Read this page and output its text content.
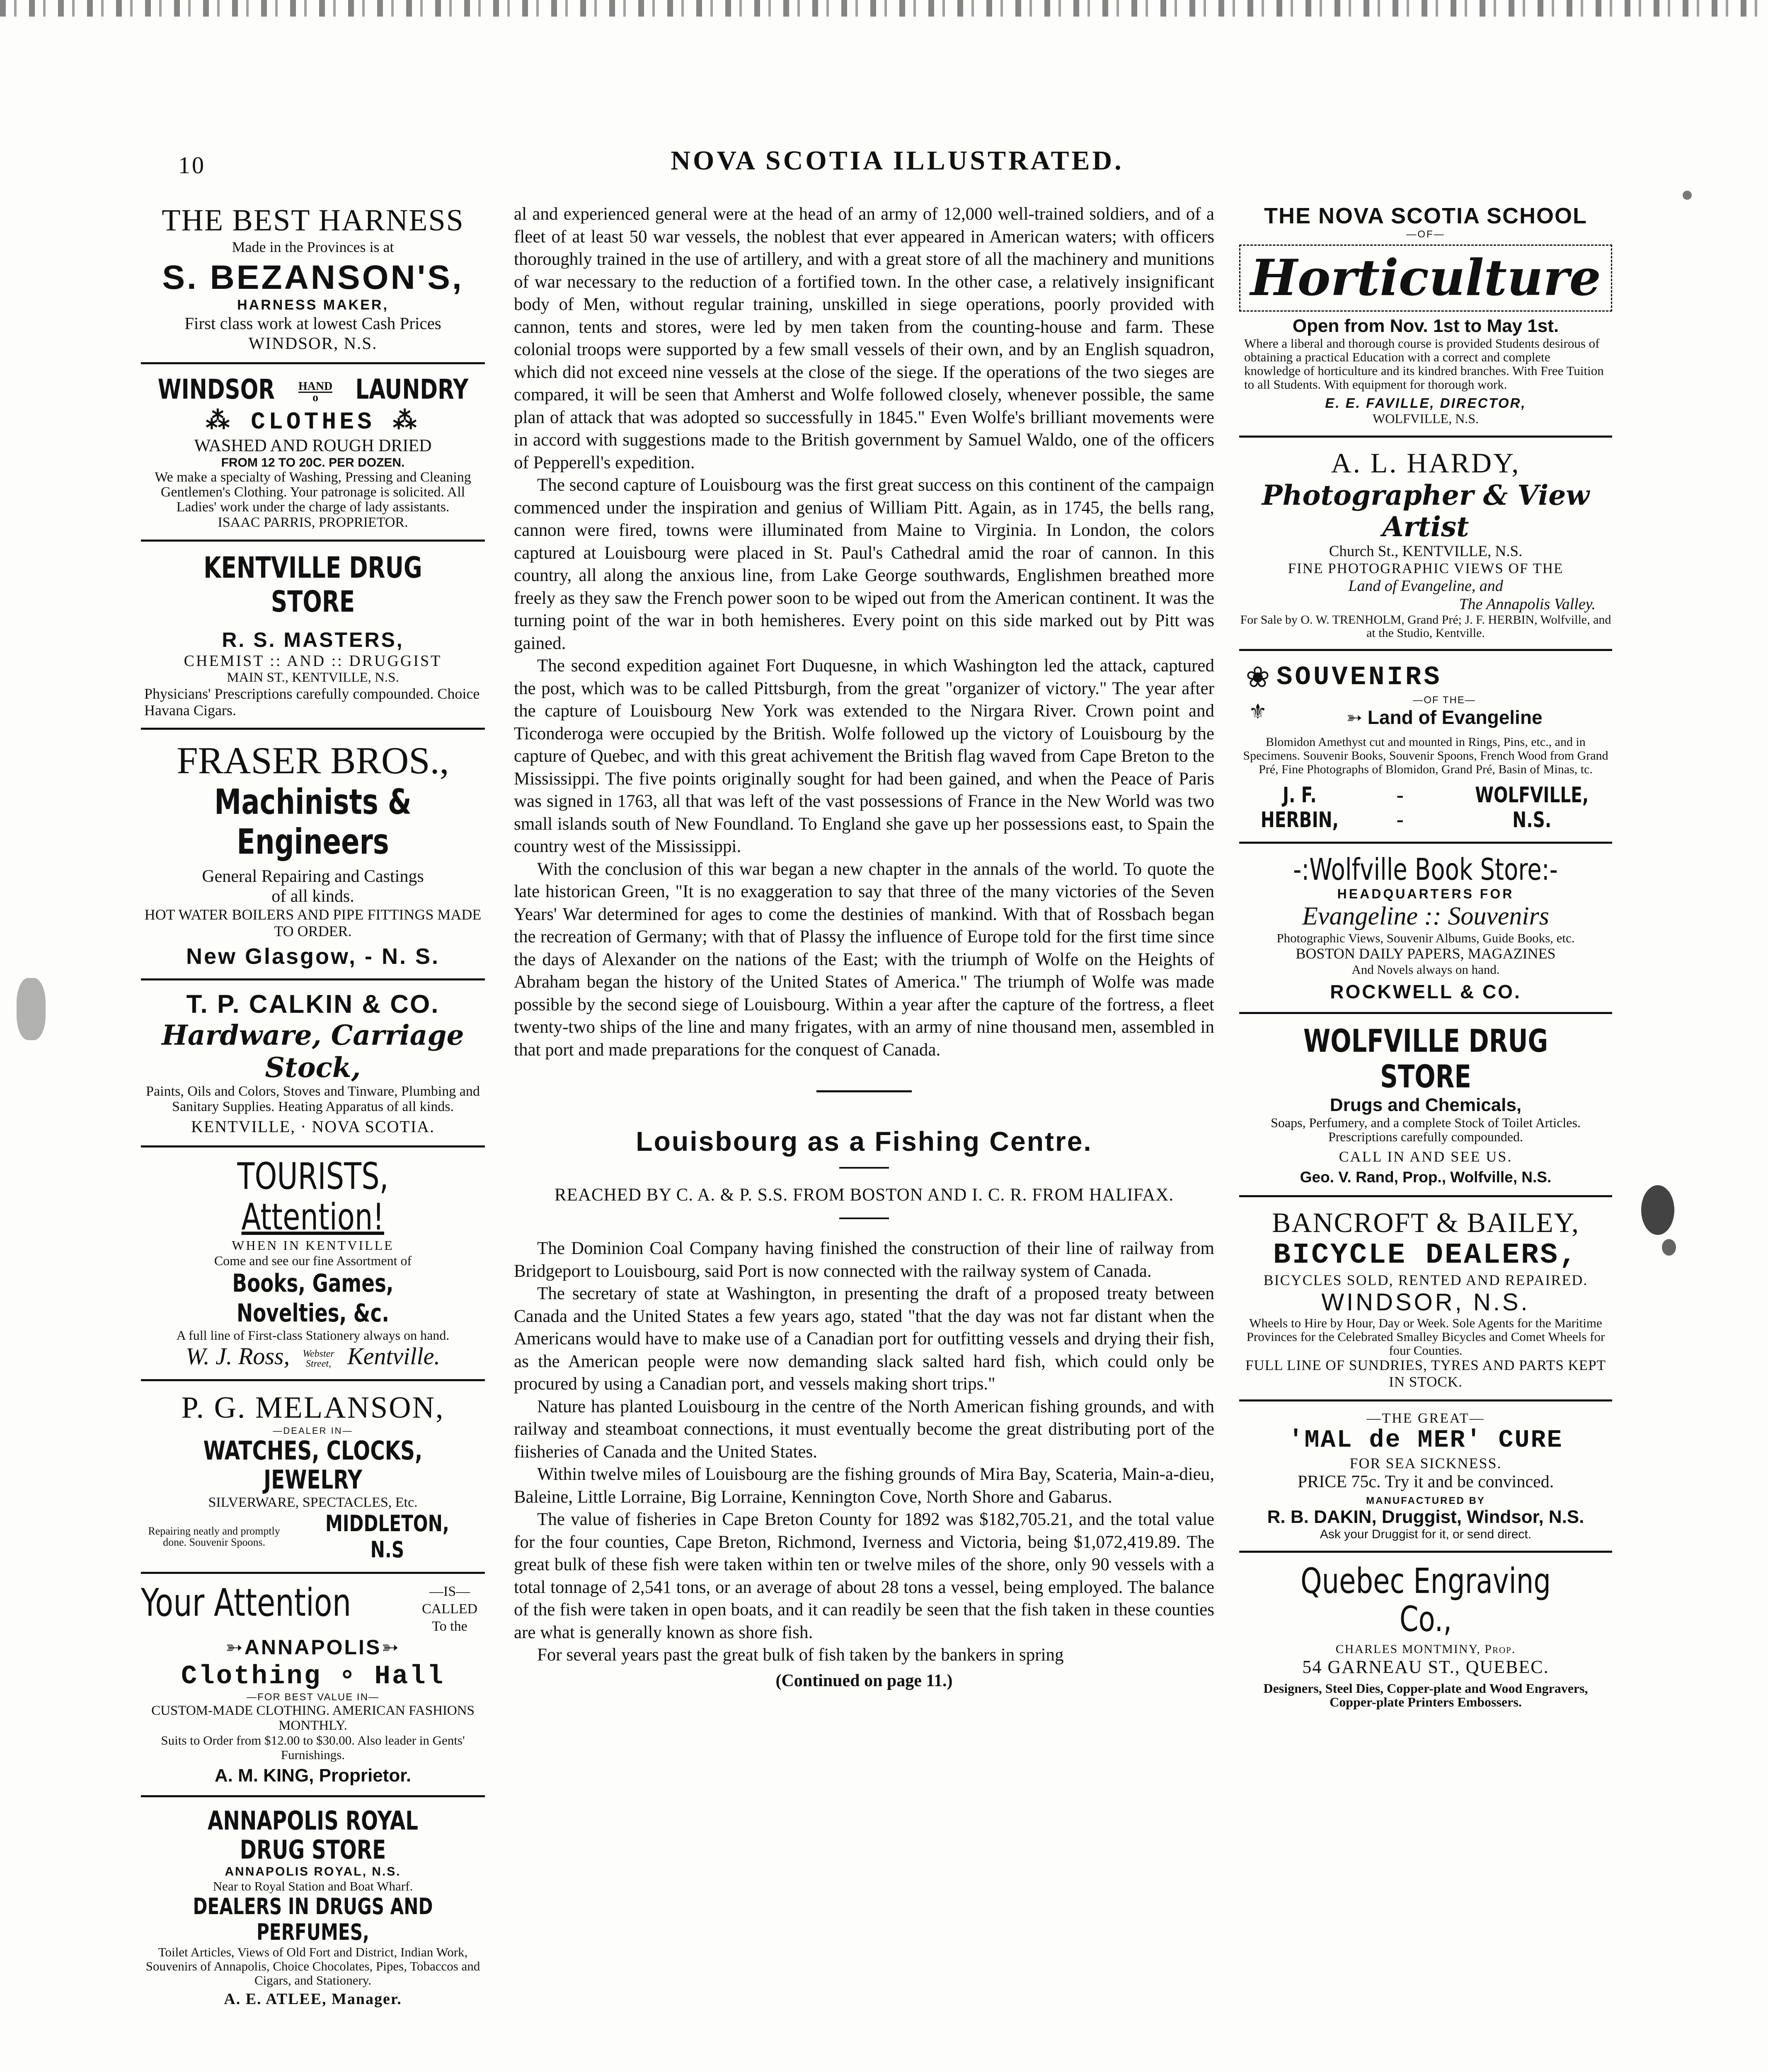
10	NOVA SCOTIA ILLUSTRATED.
THE BEST HARNESS
Made in the Provinces is at
S. BEZANSON'S,
HARNESS MAKER,
First class work at lowest Cash Prices
WINDSOR, N.S.
WINDSOR HAND
o	LAUNDRY
⁂ CLOTHES ⁂
WASHED AND ROUGH DRIED
FROM 12 TO 20C. PER DOZEN.
We make a specialty of Washing, Pressing and Cleaning Gentlemen's Clothing. Your patronage is solicited. All Ladies' work under the charge of lady assistants.
ISAAC PARRIS, PROPRIETOR.
KENTVILLE DRUG STORE
R. S. MASTERS,
CHEMIST :: AND :: DRUGGIST
MAIN ST., KENTVILLE, N.S.
Physicians' Prescriptions carefully compounded. Choice Havana Cigars.
FRASER BROS.,
Machinists & Engineers
General Repairing and Castings
of all kinds.
HOT WATER BOILERS AND PIPE FITTINGS MADE TO ORDER.
New Glasgow, - N. S.
T. P. CALKIN & CO.
Hardware, Carriage Stock,
Paints, Oils and Colors, Stoves and Tinware, Plumbing and Sanitary Supplies. Heating Apparatus of all kinds.
KENTVILLE, · NOVA SCOTIA.
TOURISTS, Attention!
WHEN IN KENTVILLE
Come and see our fine Assortment of
Books, Games, Novelties, &c.
A full line of First-class Stationery always on hand.
W. J. Ross, Webster Street, Kentville.
P. G. MELANSON,
—DEALER IN—
WATCHES, CLOCKS, JEWELRY
SILVERWARE, SPECTACLES, Etc.
Repairing neatly and promptly done. Souvenir Spoons.
MIDDLETON, N.S
Your Attention	—IS—
CALLED
To the
➳ANNAPOLIS➳
Clothing ∘ Hall
—FOR BEST VALUE IN—
CUSTOM-MADE CLOTHING. AMERICAN FASHIONS MONTHLY.
Suits to Order from $12.00 to $30.00. Also leader in Gents' Furnishings.
A. M. KING, Proprietor.
ANNAPOLIS ROYAL DRUG STORE
ANNAPOLIS ROYAL, N.S.
Near to Royal Station and Boat Wharf.
DEALERS IN DRUGS AND PERFUMES,
Toilet Articles, Views of Old Fort and District, Indian Work, Souvenirs of Annapolis, Choice Chocolates, Pipes, Tobaccos and Cigars, and Stationery.
A. E. ATLEE, Manager.

al and experienced general were at the head of an army of 12,000 well-trained soldiers, and of a fleet of at least 50 war vessels, the noblest that ever appeared in American waters; with officers thoroughly trained in the use of artillery, and with a great store of all the machinery and munitions of war necessary to the reduction of a fortified town. In the other case, a relatively insignificant body of Men, without regular training, unskilled in siege operations, poorly provided with cannon, tents and stores, were led by men taken from the counting-house and farm. These colonial troops were supported by a few small vessels of their own, and by an English squadron, which did not exceed nine vessels at the close of the siege. If the operations of the two sieges are compared, it will be seen that Amherst and Wolfe followed closely, whenever possible, the same plan of attack that was adopted so successfully in 1845." Even Wolfe's brilliant movements were in accord with suggestions made to the British government by Samuel Waldo, one of the officers of Pepperell's expedition.

The second capture of Louisbourg was the first great success on this continent of the campaign commenced under the inspiration and genius of William Pitt. Again, as in 1745, the bells rang, cannon were fired, towns were illuminated from Maine to Virginia. In London, the colors captured at Louisbourg were placed in St. Paul's Cathedral amid the roar of cannon. In this country, all along the anxious line, from Lake George southwards, Englishmen breathed more freely as they saw the French power soon to be wiped out from the American continent. It was the turning point of the war in both hemisheres. Every point on this side marked out by Pitt was gained.

The second expedition againet Fort Duquesne, in which Washington led the attack, captured the post, which was to be called Pittsburgh, from the great "organizer of victory." The year after the capture of Louisbourg New York was extended to the Nirgara River. Crown point and Ticonderoga were occupied by the British. Wolfe followed up the victory of Louisbourg by the capture of Quebec, and with this great achivement the British flag waved from Cape Breton to the Mississippi. The five points originally sought for had been gained, and when the Peace of Paris was signed in 1763, all that was left of the vast possessions of France in the New World was two small islands south of New Foundland. To England she gave up her possessions east, to Spain the country west of the Mississippi.

With the conclusion of this war began a new chapter in the annals of the world. To quote the late historican Green, "It is no exaggeration to say that three of the many victories of the Seven Years' War determined for ages to come the destinies of mankind. With that of Rossbach began the recreation of Germany; with that of Plassy the influence of Europe told for the first time since the days of Alexander on the nations of the East; with the triumph of Wolfe on the Heights of Abraham began the history of the United States of America." The triumph of Wolfe was made possible by the second siege of Louisbourg. Within a year after the capture of the fortress, a fleet twenty-two ships of the line and many frigates, with an army of nine thousand men, assembled in that port and made preparations for the conquest of Canada.

Louisbourg as a Fishing Centre.
REACHED BY C. A. & P. S.S. FROM BOSTON AND I. C. R. FROM HALIFAX.

The Dominion Coal Company having finished the construction of their line of railway from Bridgeport to Louisbourg, said Port is now connected with the railway system of Canada.

The secretary of state at Washington, in presenting the draft of a proposed treaty between Canada and the United States a few years ago, stated "that the day was not far distant when the Americans would have to make use of a Canadian port for outfitting vessels and drying their fish, as the American people were now demanding slack salted hard fish, which could only be procured by using a Canadian port, and vessels making short trips."

Nature has planted Louisbourg in the centre of the North American fishing grounds, and with railway and steamboat connections, it must eventually become the great distributing port of the fiisheries of Canada and the United States.

Within twelve miles of Louisbourg are the fishing grounds of Mira Bay, Scateria, Main-a-dieu, Baleine, Little Lorraine, Big Lorraine, Kennington Cove, North Shore and Gabarus.

The value of fisheries in Cape Breton County for 1892 was $182,705.21, and the total value for the four counties, Cape Breton, Richmond, Iverness and Victoria, being $1,072,419.89. The great bulk of these fish were taken within ten or twelve miles of the shore, only 90 vessels with a total tonnage of 2,541 tons, or an average of about 28 tons a vessel, being employed. The balance of the fish were taken in open boats, and it can readily be seen that the fish taken in these counties are what is generally known as shore fish.

For several years past the great bulk of fish taken by the bankers in spring

(Continued on page 11.)
THE NOVA SCOTIA SCHOOL
—OF—
Horticulture
Open from Nov. 1st to May 1st.
Where a liberal and thorough course is provided Students desirous of obtaining a practical Education with a correct and complete knowledge of horticulture and its kindred branches. With Free Tuition to all Students. With equipment for thorough work.
E. E. FAVILLE, DIRECTOR,
WOLFVILLE, N.S.
A. L. HARDY,
Photographer & View Artist
Church St., KENTVILLE, N.S.
FINE PHOTOGRAPHIC VIEWS OF THE
Land of Evangeline, and
The Annapolis Valley.
For Sale by O. W. TRENHOLM, Grand Pré; J. F. HERBIN, Wolfville, and at the Studio, Kentville.
❀ SOUVENIRS
⚜	—OF THE—
➳ Land of Evangeline
Blomidon Amethyst cut and mounted in Rings, Pins, etc., and in Specimens. Souvenir Books, Souvenir Spoons, French Wood from Grand Pré, Fine Photographs of Blomidon, Grand Pré, Basin of Minas, tc.
J. F. HERBIN,
- -
WOLFVILLE, N.S.
-:Wolfville Book Store:-
HEADQUARTERS FOR
Evangeline :: Souvenirs
Photographic Views, Souvenir Albums, Guide Books, etc.
BOSTON DAILY PAPERS, MAGAZINES
And Novels always on hand.
ROCKWELL & CO.
WOLFVILLE DRUG STORE
Drugs and Chemicals,
Soaps, Perfumery, and a complete Stock of Toilet Articles. Prescriptions carefully compounded.
CALL IN AND SEE US.
Geo. V. Rand, Prop., Wolfville, N.S.
BANCROFT & BAILEY,
BICYCLE DEALERS,
BICYCLES SOLD, RENTED AND REPAIRED.
WINDSOR, N.S.
Wheels to Hire by Hour, Day or Week. Sole Agents for the Maritime Provinces for the Celebrated Smalley Bicycles and Comet Wheels for four Counties.
FULL LINE OF SUNDRIES, TYRES AND PARTS KEPT IN STOCK.
—THE GREAT—
'MAL de MER' CURE
FOR SEA SICKNESS.
PRICE 75c. Try it and be convinced.
MANUFACTURED BY
R. B. DAKIN, Druggist, Windsor, N.S.
Ask your Druggist for it, or send direct.
Quebec Engraving Co.,
CHARLES MONTMINY, Prop.
54 GARNEAU ST., QUEBEC.
Designers, Steel Dies, Copper-plate and Wood Engravers, Copper-plate Printers Embossers.
